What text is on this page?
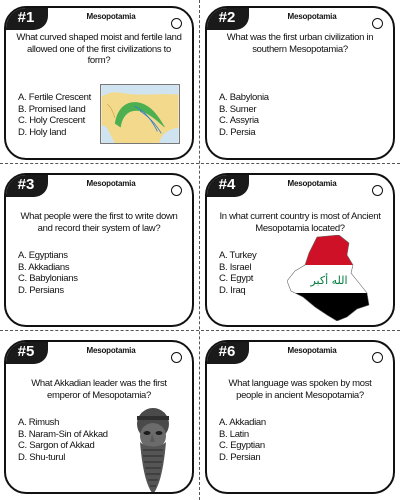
#1	Mesopotamia
What curved shaped moist and fertile land allowed one of the first civilizations to form?
A. Fertile Crescent
B. Promised land
C. Holy Crescent
D. Holy land
#2	Mesopotamia
What was the first urban civilization in southern Mesopotamia?
A. Babylonia
B. Sumer
C. Assyria
D. Persia
#3	Mesopotamia
What people were the first to write down and record their system of law?
A. Egyptians
B. Akkadians
C. Babylonians
D. Persians
#4	Mesopotamia
In what current country is most of Ancient Mesopotamia located?
A. Turkey
B. Israel
C. Egypt
D. Iraq
الله أكبر
#5	Mesopotamia
What Akkadian leader was the first emperor of Mesopotamia?
A. Rimush
B. Naram-Sin of Akkad
C. Sargon of Akkad
D. Shu-turul
#6	Mesopotamia
What language was spoken by most people in ancient Mesopotamia?
A. Akkadian
B. Latin
C. Egyptian
D. Persian
